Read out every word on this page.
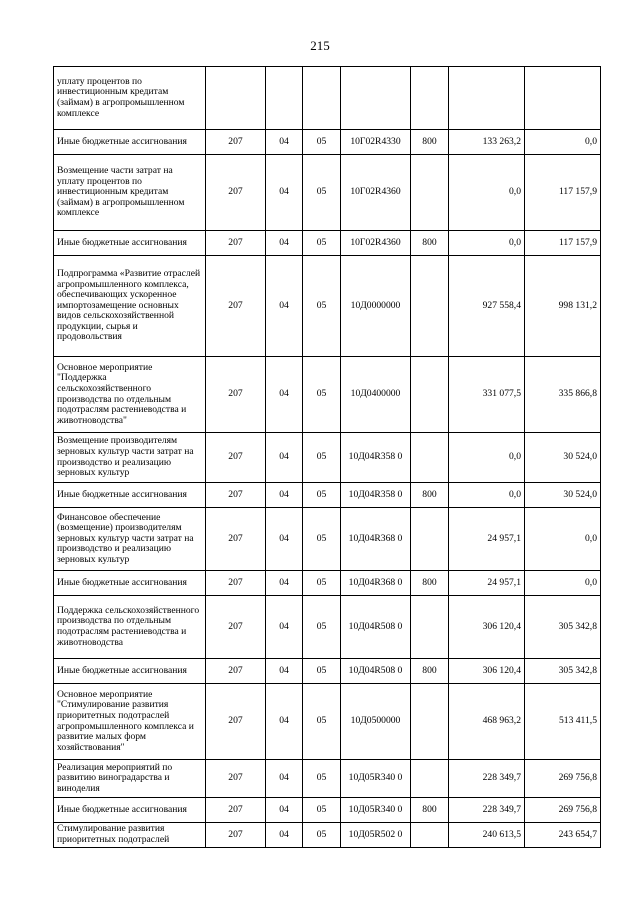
215
уплату процентов по инвестиционным кредитам (займам) в агропромышленном комплексе							
Иные бюджетные ассигнования	207	04	05	10Г02R4330	800	133 263,2	0,0
Возмещение части затрат на уплату процентов по инвестиционным кредитам (займам) в агропромышленном комплексе	207	04	05	10Г02R4360		0,0	117 157,9
Иные бюджетные ассигнования	207	04	05	10Г02R4360	800	0,0	117 157,9
Подпрограмма «Развитие отраслей агропромышленного комплекса, обеспечивающих ускоренное импортозамещение основных видов сельскохозяйственной продукции, сырья и продовольствия	207	04	05	10Д0000000		927 558,4	998 131,2
Основное мероприятие "Поддержка сельскохозяйственного производства по отдельным подотраслям растениеводства и животноводства"	207	04	05	10Д0400000		331 077,5	335 866,8
Возмещение производителям зерновых культур части затрат на производство и реализацию зерновых культур	207	04	05	10Д04R358 0		0,0	30 524,0
Иные бюджетные ассигнования	207	04	05	10Д04R358 0	800	0,0	30 524,0
Финансовое обеспечение (возмещение) производителям зерновых культур части затрат на производство и реализацию зерновых культур	207	04	05	10Д04R368 0		24 957,1	0,0
Иные бюджетные ассигнования	207	04	05	10Д04R368 0	800	24 957,1	0,0
Поддержка сельскохозяйственного производства по отдельным подотраслям растениеводства и животноводства	207	04	05	10Д04R508 0		306 120,4	305 342,8
Иные бюджетные ассигнования	207	04	05	10Д04R508 0	800	306 120,4	305 342,8
Основное мероприятие "Стимулирование развития приоритетных подотраслей агропромышленного комплекса и развитие малых форм хозяйствования"	207	04	05	10Д0500000		468 963,2	513 411,5
Реализация мероприятий по развитию виноградарства и виноделия	207	04	05	10Д05R340 0		228 349,7	269 756,8
Иные бюджетные ассигнования	207	04	05	10Д05R340 0	800	228 349,7	269 756,8
Стимулирование развития приоритетных подотраслей	207	04	05	10Д05R502 0		240 613,5	243 654,7
